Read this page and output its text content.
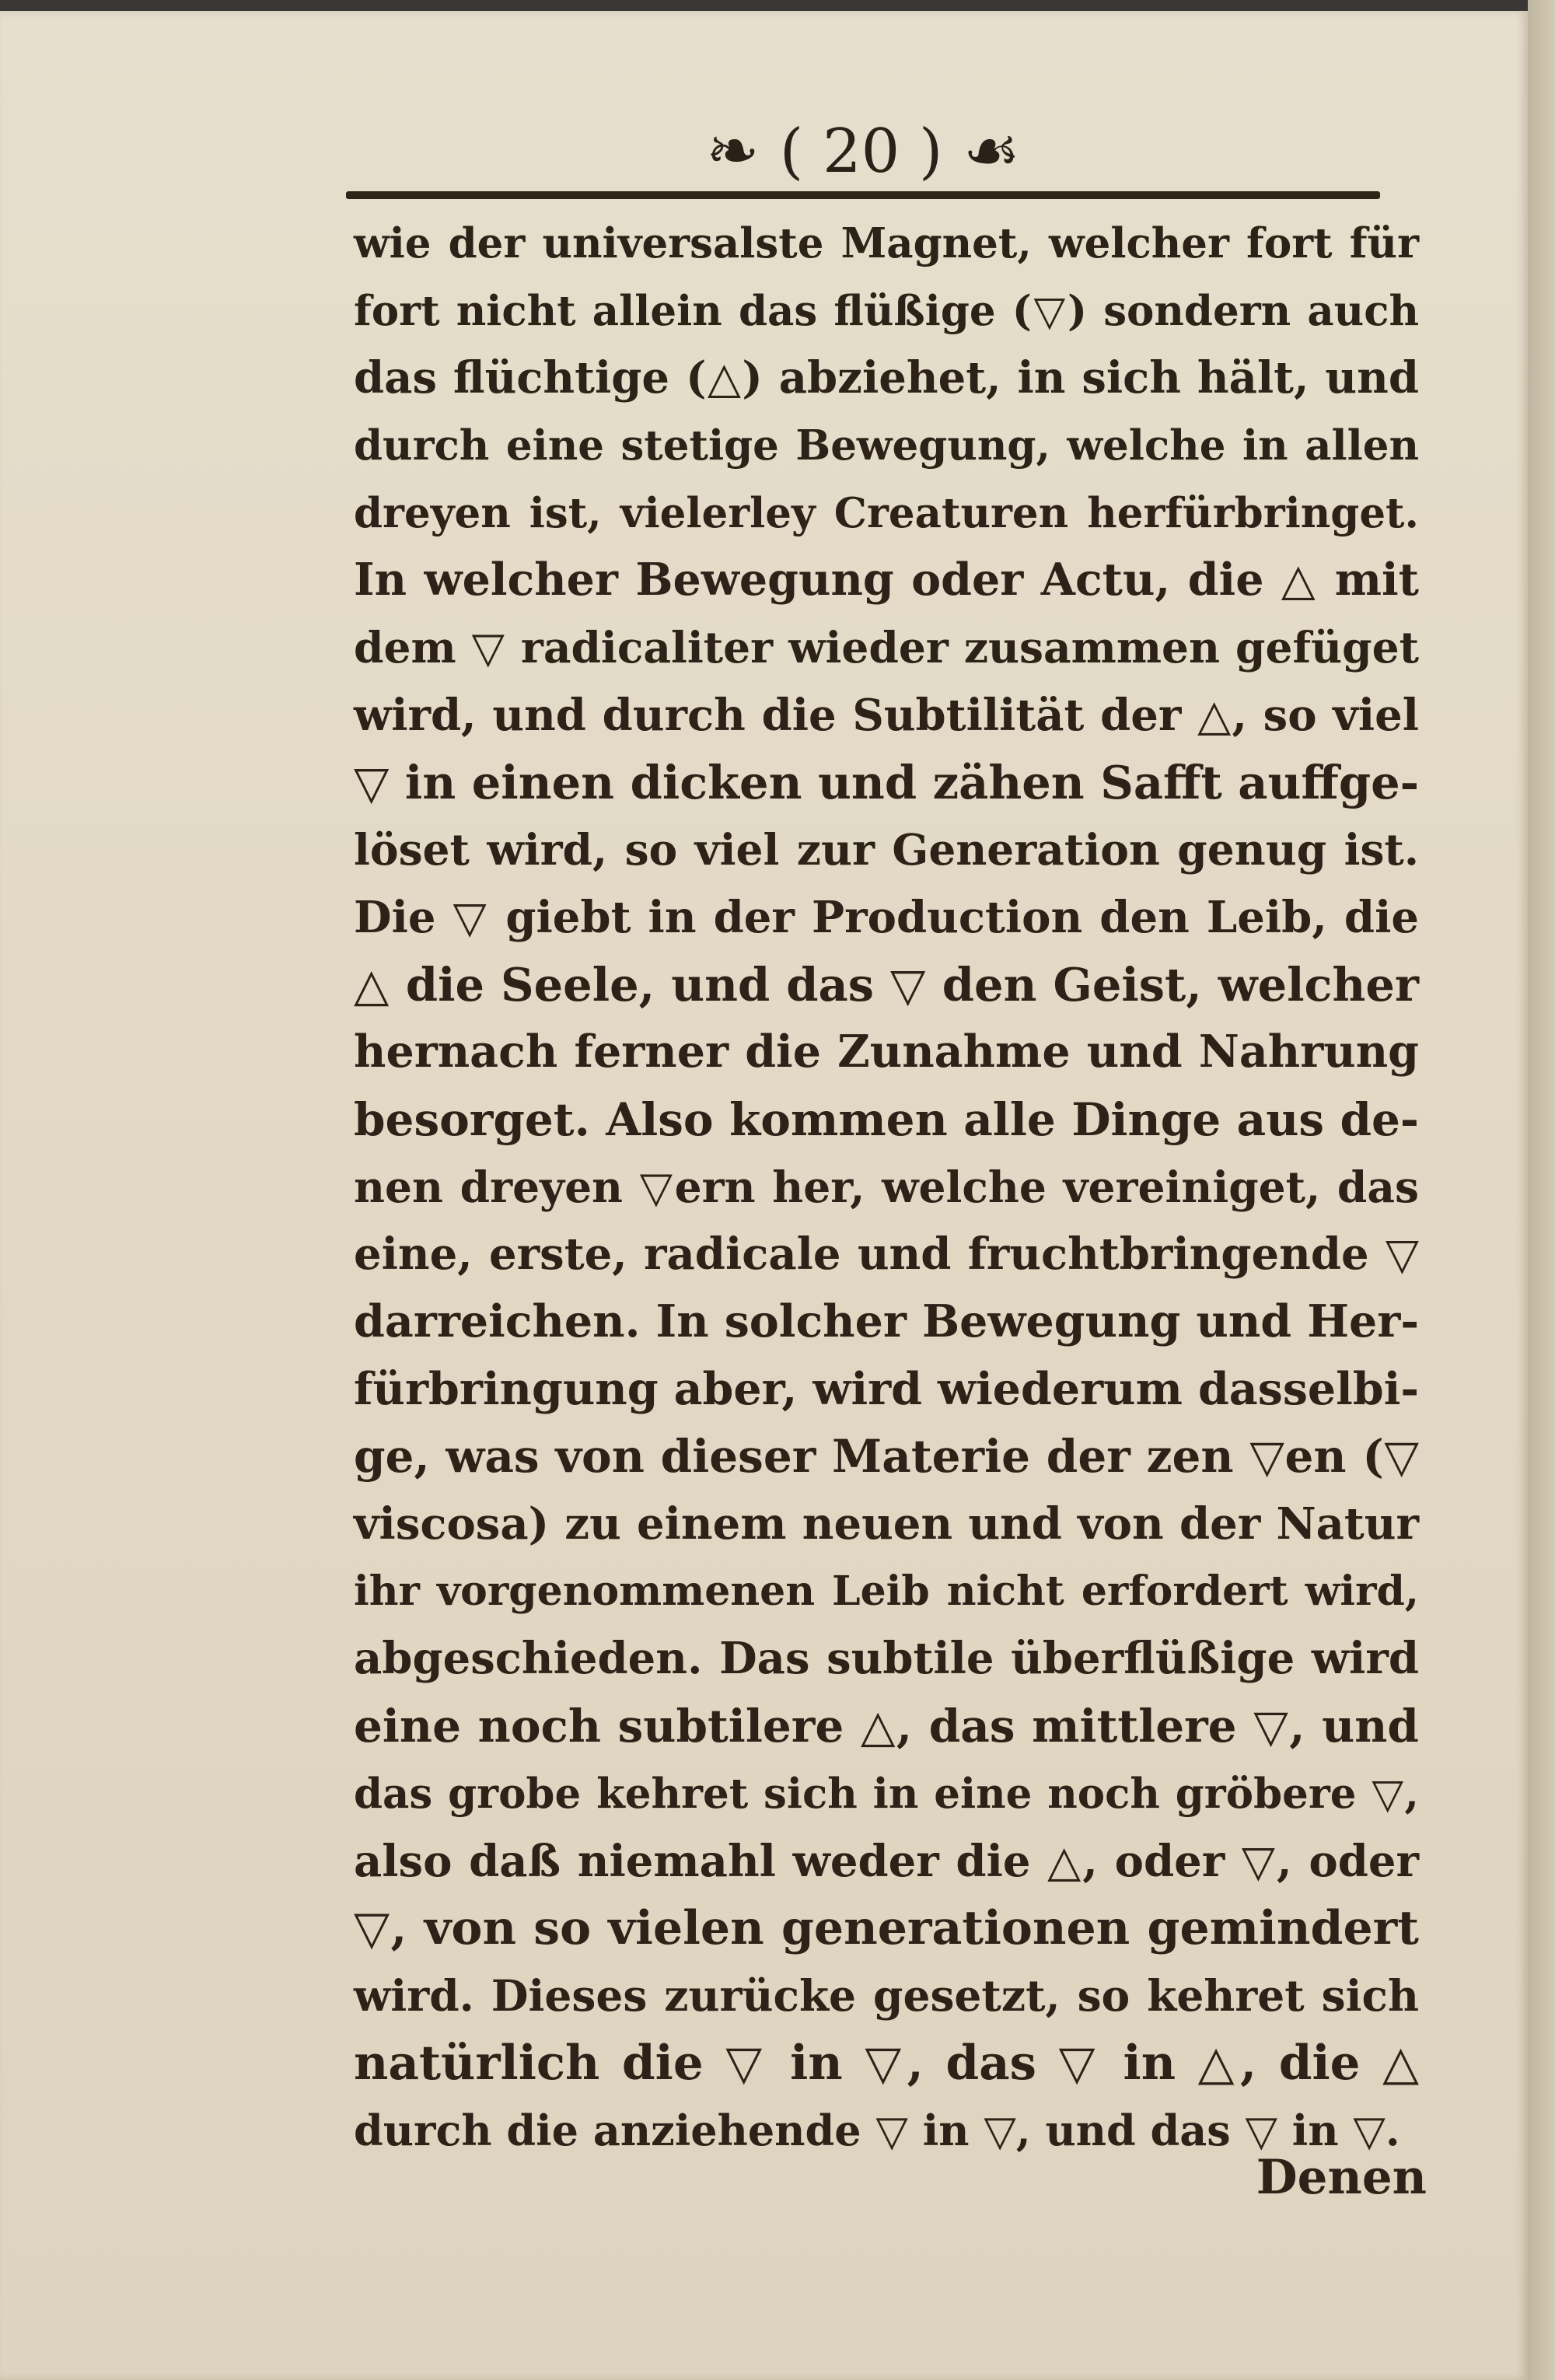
❧ ( 20 ) ☙
wie der universalste Magnet, welcher fort für
fort nicht allein das flüßige (▽) sondern auch
das flüchtige (△) abziehet, in sich hält, und
durch eine stetige Bewegung, welche in allen
dreyen ist, vielerley Creaturen herfürbringet.
In welcher Bewegung oder Actu, die △ mit
dem ▽ radicaliter wieder zusammen gefüget
wird, und durch die Subtilität der △, so viel
▽ in einen dicken und zähen Safft auffge-
löset wird, so viel zur Generation genug ist.
Die ▽ giebt in der Production den Leib, die
△ die Seele, und das ▽ den Geist, welcher
hernach ferner die Zunahme und Nahrung
besorget. Also kommen alle Dinge aus de-
nen dreyen ▽ern her, welche vereiniget, das
eine, erste, radicale und fruchtbringende ▽
darreichen. In solcher Bewegung und Her-
fürbringung aber, wird wiederum dasselbi-
ge, was von dieser Materie der zen ▽en (▽
viscosa) zu einem neuen und von der Natur
ihr vorgenommenen Leib nicht erfordert wird,
abgeschieden. Das subtile überflüßige wird
eine noch subtilere △, das mittlere ▽, und
das grobe kehret sich in eine noch gröbere ▽,
also daß niemahl weder die △, oder ▽, oder
▽, von so vielen generationen gemindert
wird. Dieses zurücke gesetzt, so kehret sich
natürlich die ▽ in ▽, das ▽ in △, die △
durch die anziehende ▽ in ▽, und das ▽ in ▽.
Denen
